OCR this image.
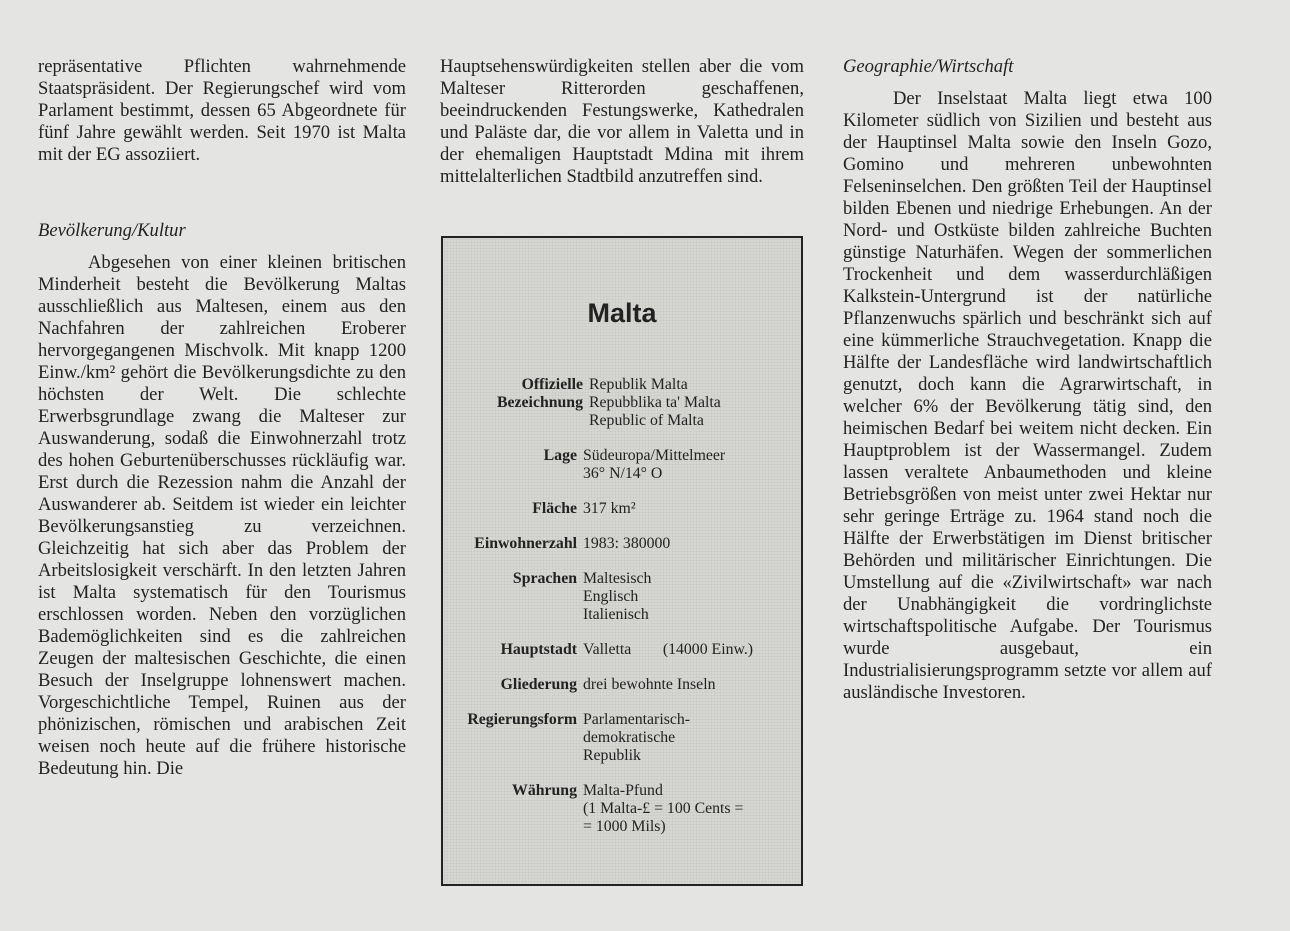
repräsentative Pflichten wahrnehmende Staatspräsident. Der Regierungschef wird vom Parlament bestimmt, dessen 65 Abgeordnete für fünf Jahre gewählt werden. Seit 1970 ist Malta mit der EG assoziiert.

Bevölkerung/Kultur

Abgesehen von einer kleinen britischen Minderheit besteht die Bevölkerung Maltas ausschließlich aus Maltesen, einem aus den Nachfahren der zahlreichen Eroberer hervorgegangenen Mischvolk. Mit knapp 1200 Einw./km² gehört die Bevölkerungsdichte zu den höchsten der Welt. Die schlechte Erwerbsgrundlage zwang die Malteser zur Auswanderung, sodaß die Einwohnerzahl trotz des hohen Geburtenüberschusses rückläufig war. Erst durch die Rezession nahm die Anzahl der Auswanderer ab. Seitdem ist wieder ein leichter Bevölkerungsanstieg zu verzeichnen. Gleichzeitig hat sich aber das Problem der Arbeitslosigkeit verschärft. In den letzten Jahren ist Malta systematisch für den Tourismus erschlossen worden. Neben den vorzüglichen Bademöglichkeiten sind es die zahlreichen Zeugen der maltesischen Geschichte, die einen Besuch der Inselgruppe lohnenswert machen. Vorgeschichtliche Tempel, Ruinen aus der phönizischen, römischen und arabischen Zeit weisen noch heute auf die frühere historische Bedeutung hin. Die

Hauptsehenswürdigkeiten stellen aber die vom Malteser Ritterorden geschaffenen, beeindruckenden Festungswerke, Kathedralen und Paläste dar, die vor allem in Valetta und in der ehemaligen Hauptstadt Mdina mit ihrem mittelalterlichen Stadtbild anzutreffen sind.

Malta
Offizielle Bezeichnung
Republik Malta
Repubblika ta' Malta
Republic of Malta
Lage Südeuropa/Mittelmeer
36° N/14° O
Fläche 317 km²
Einwohnerzahl 1983: 380000
Sprachen Maltesisch
Englisch
Italienisch
Hauptstadt Valletta        (14000 Einw.)
Gliederung drei bewohnte Inseln
Regierungsform Parlamentarisch-
demokratische
Republik
Währung Malta-Pfund
(1 Malta-£ = 100 Cents =
= 1000 Mils)
Geographie/Wirtschaft

Der Inselstaat Malta liegt etwa 100 Kilometer südlich von Sizilien und besteht aus der Hauptinsel Malta sowie den Inseln Gozo, Gomino und mehreren unbewohnten Felseninselchen. Den größten Teil der Hauptinsel bilden Ebenen und niedrige Erhebungen. An der Nord- und Ostküste bilden zahlreiche Buchten günstige Naturhäfen. Wegen der sommerlichen Trockenheit und dem wasserdurchläßigen Kalkstein-Untergrund ist der natürliche Pflanzenwuchs spärlich und beschränkt sich auf eine kümmerliche Strauchvegetation. Knapp die Hälfte der Landesfläche wird landwirtschaftlich genutzt, doch kann die Agrarwirtschaft, in welcher 6% der Bevölkerung tätig sind, den heimischen Bedarf bei weitem nicht decken. Ein Hauptproblem ist der Wassermangel. Zudem lassen veraltete Anbaumethoden und kleine Betriebsgrößen von meist unter zwei Hektar nur sehr geringe Erträge zu. 1964 stand noch die Hälfte der Erwerbstätigen im Dienst britischer Behörden und militärischer Einrichtungen. Die Umstellung auf die «Zivilwirtschaft» war nach der Unabhängigkeit die vordringlichste wirtschaftspolitische Aufgabe. Der Tourismus wurde ausgebaut, ein Industrialisierungsprogramm setzte vor allem auf ausländische Investoren.
